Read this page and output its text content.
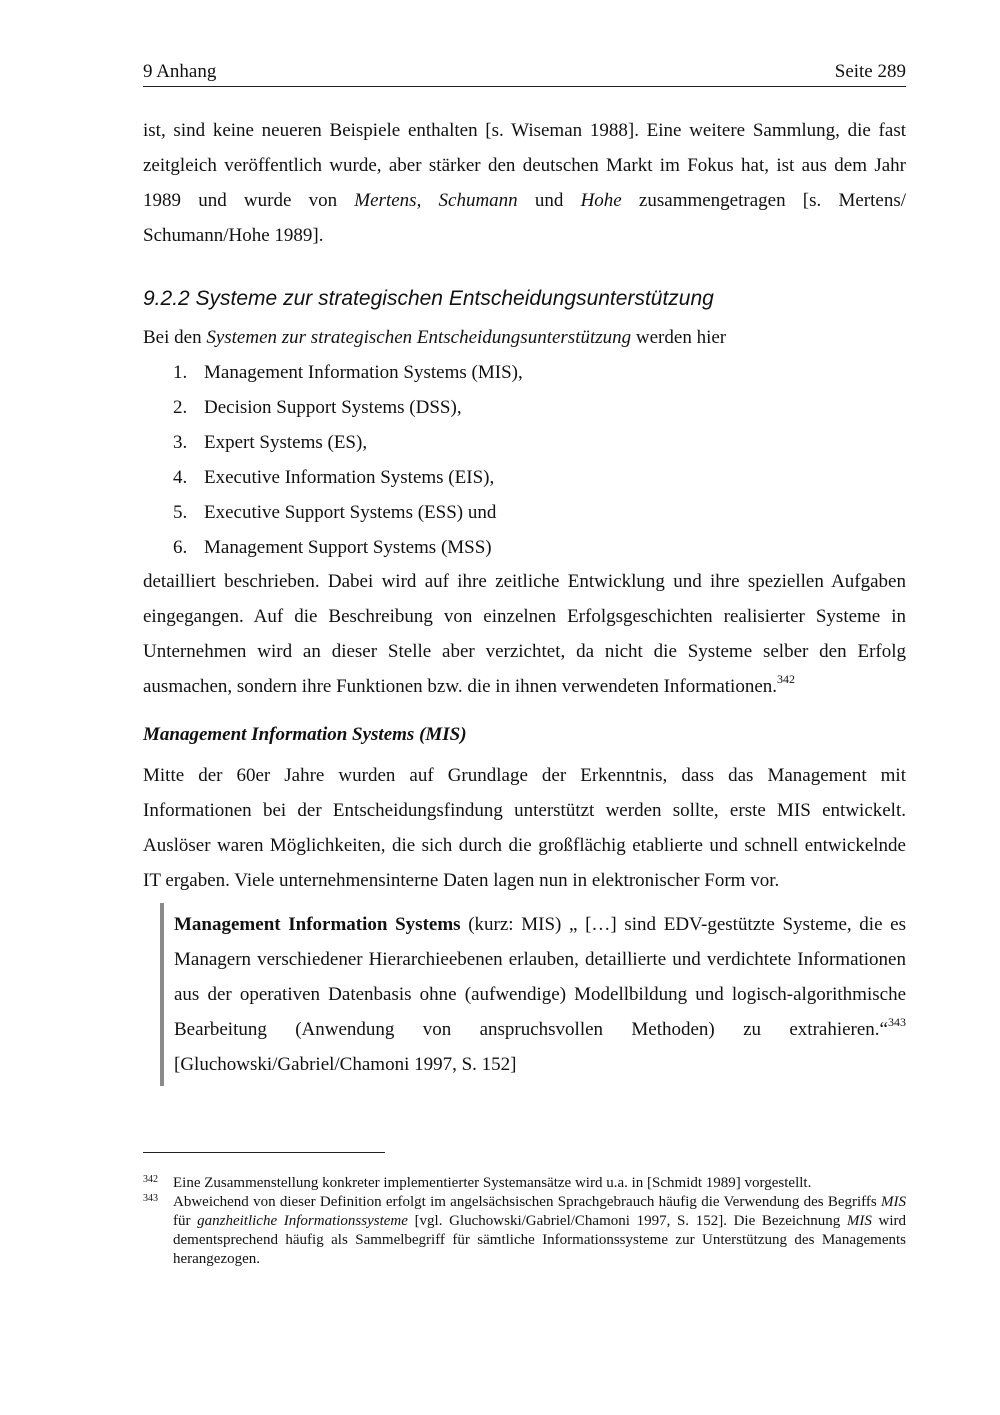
9 Anhang	Seite 289
ist, sind keine neueren Beispiele enthalten [s. Wiseman 1988]. Eine weitere Sammlung, die fast zeitgleich veröffentlich wurde, aber stärker den deutschen Markt im Fokus hat, ist aus dem Jahr 1989 und wurde von Mertens, Schumann und Hohe zusammengetragen [s. Mertens/ Schumann/Hohe 1989].
9.2.2 Systeme zur strategischen Entscheidungsunterstützung
Bei den Systemen zur strategischen Entscheidungsunterstützung werden hier
1. Management Information Systems (MIS),
2. Decision Support Systems (DSS),
3. Expert Systems (ES),
4. Executive Information Systems (EIS),
5. Executive Support Systems (ESS) und
6. Management Support Systems (MSS)
detailliert beschrieben. Dabei wird auf ihre zeitliche Entwicklung und ihre speziellen Aufgaben eingegangen. Auf die Beschreibung von einzelnen Erfolgsgeschichten realisierter Systeme in Unternehmen wird an dieser Stelle aber verzichtet, da nicht die Systeme selber den Erfolg ausmachen, sondern ihre Funktionen bzw. die in ihnen verwendeten Informationen.$^{342}$
Management Information Systems (MIS)
Mitte der 60er Jahre wurden auf Grundlage der Erkenntnis, dass das Management mit Informationen bei der Entscheidungsfindung unterstützt werden sollte, erste MIS entwickelt. Auslöser waren Möglichkeiten, die sich durch die großflächig etablierte und schnell entwickelnde IT ergaben. Viele unternehmensinterne Daten lagen nun in elektronischer Form vor.
Management Information Systems (kurz: MIS) „ […] sind EDV-gestützte Systeme, die es Managern verschiedener Hierarchieebenen erlauben, detaillierte und verdichtete Informationen aus der operativen Datenbasis ohne (aufwendige) Modellbildung und logisch-algorithmische Bearbeitung (Anwendung von anspruchsvollen Methoden) zu extrahieren.“$^{343}$ [Gluchowski/Gabriel/Chamoni 1997, S. 152]
342 Eine Zusammenstellung konkreter implementierter Systemansätze wird u.a. in [Schmidt 1989] vorgestellt.
343 Abweichend von dieser Definition erfolgt im angelsächsischen Sprachgebrauch häufig die Verwendung des Begriffs MIS für ganzheitliche Informationssysteme [vgl. Gluchowski/Gabriel/Chamoni 1997, S. 152]. Die Bezeichnung MIS wird dementsprechend häufig als Sammelbegriff für sämtliche Informationssysteme zur Unterstützung des Managements herangezogen.
